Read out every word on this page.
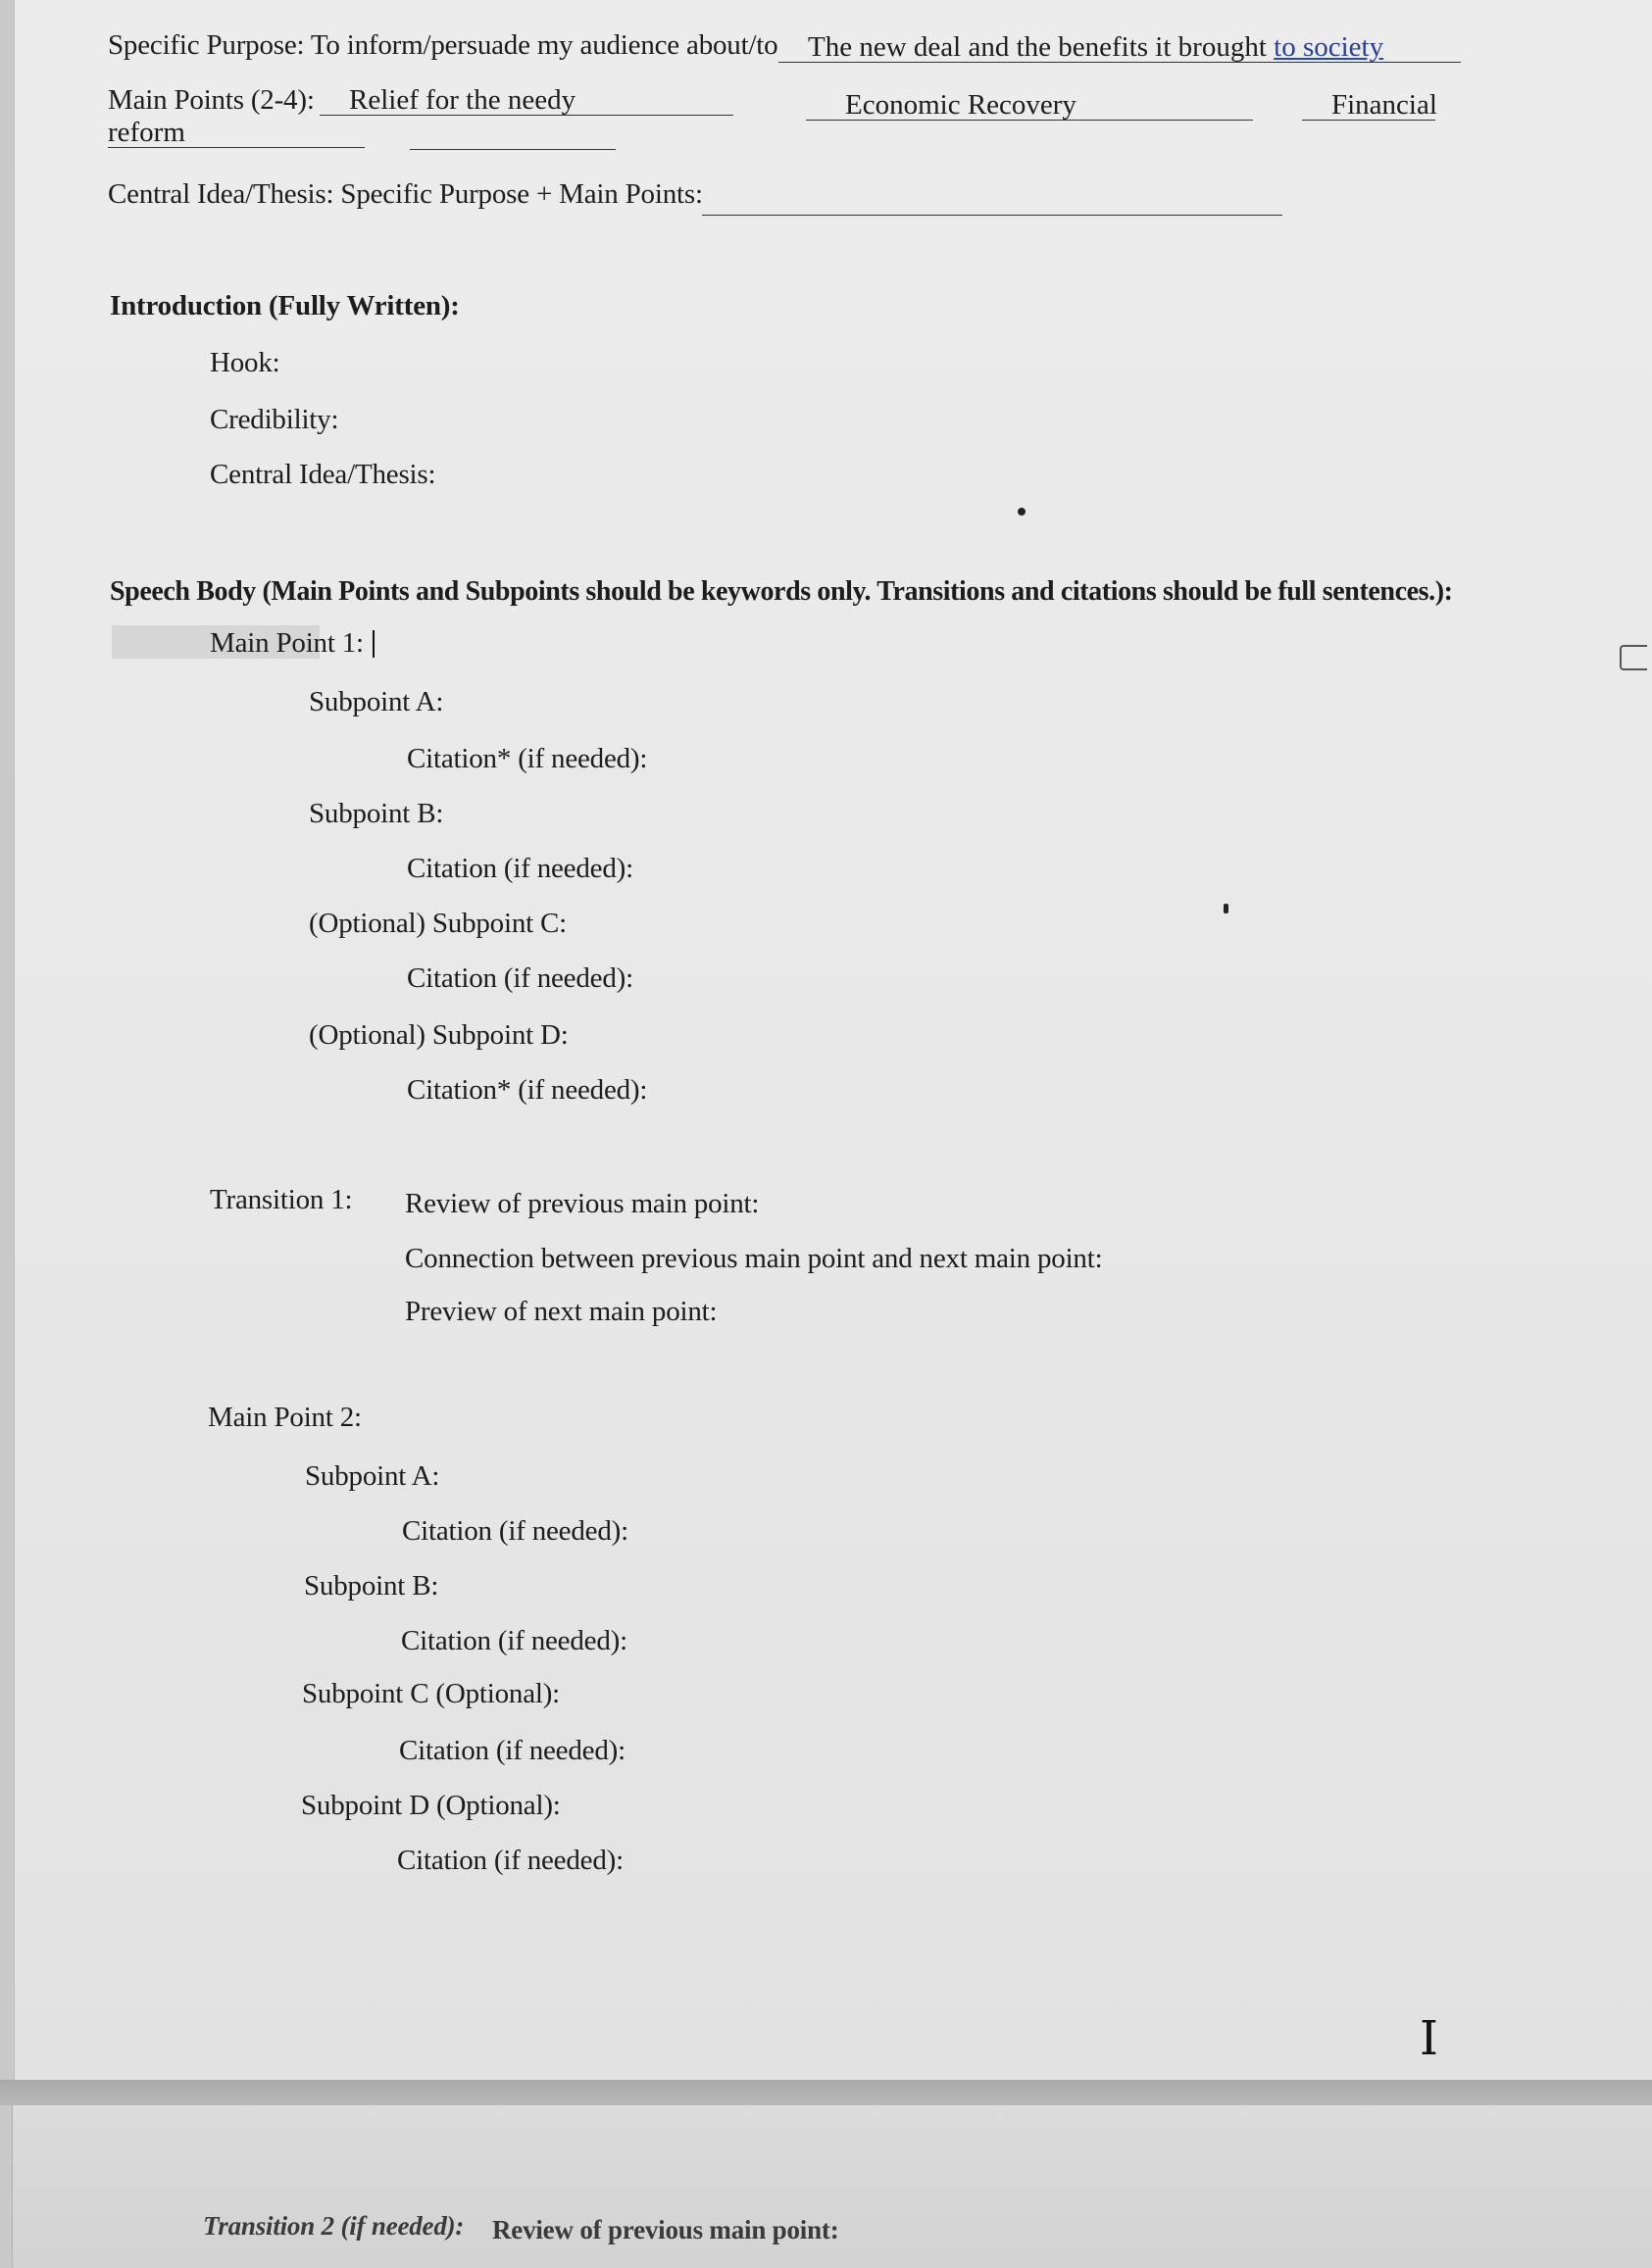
Specific Purpose: To inform/persuade my audience about/to	The new deal and the benefits it brought to society
Main Points (2-4):	Relief for the needy	Economic Recovery	Financial
reform
Central Idea/Thesis: Specific Purpose + Main Points:
Introduction (Fully Written):
Hook:
Credibility:
Central Idea/Thesis:
Speech Body (Main Points and Subpoints should be keywords only. Transitions and citations should be full sentences.):
Main Point 1:
Subpoint A:
Citation* (if needed):
Subpoint B:
Citation (if needed):
(Optional) Subpoint C:
Citation (if needed):
(Optional) Subpoint D:
Citation* (if needed):
Transition 1: Review of previous main point:
Connection between previous main point and next main point:
Preview of next main point:
Main Point 2:
Subpoint A:
Citation (if needed):
Subpoint B:
Citation (if needed):
Subpoint C (Optional):
Citation (if needed):
Subpoint D (Optional):
Citation (if needed):
Transition 2 (if needed): Review of previous main point:
I
